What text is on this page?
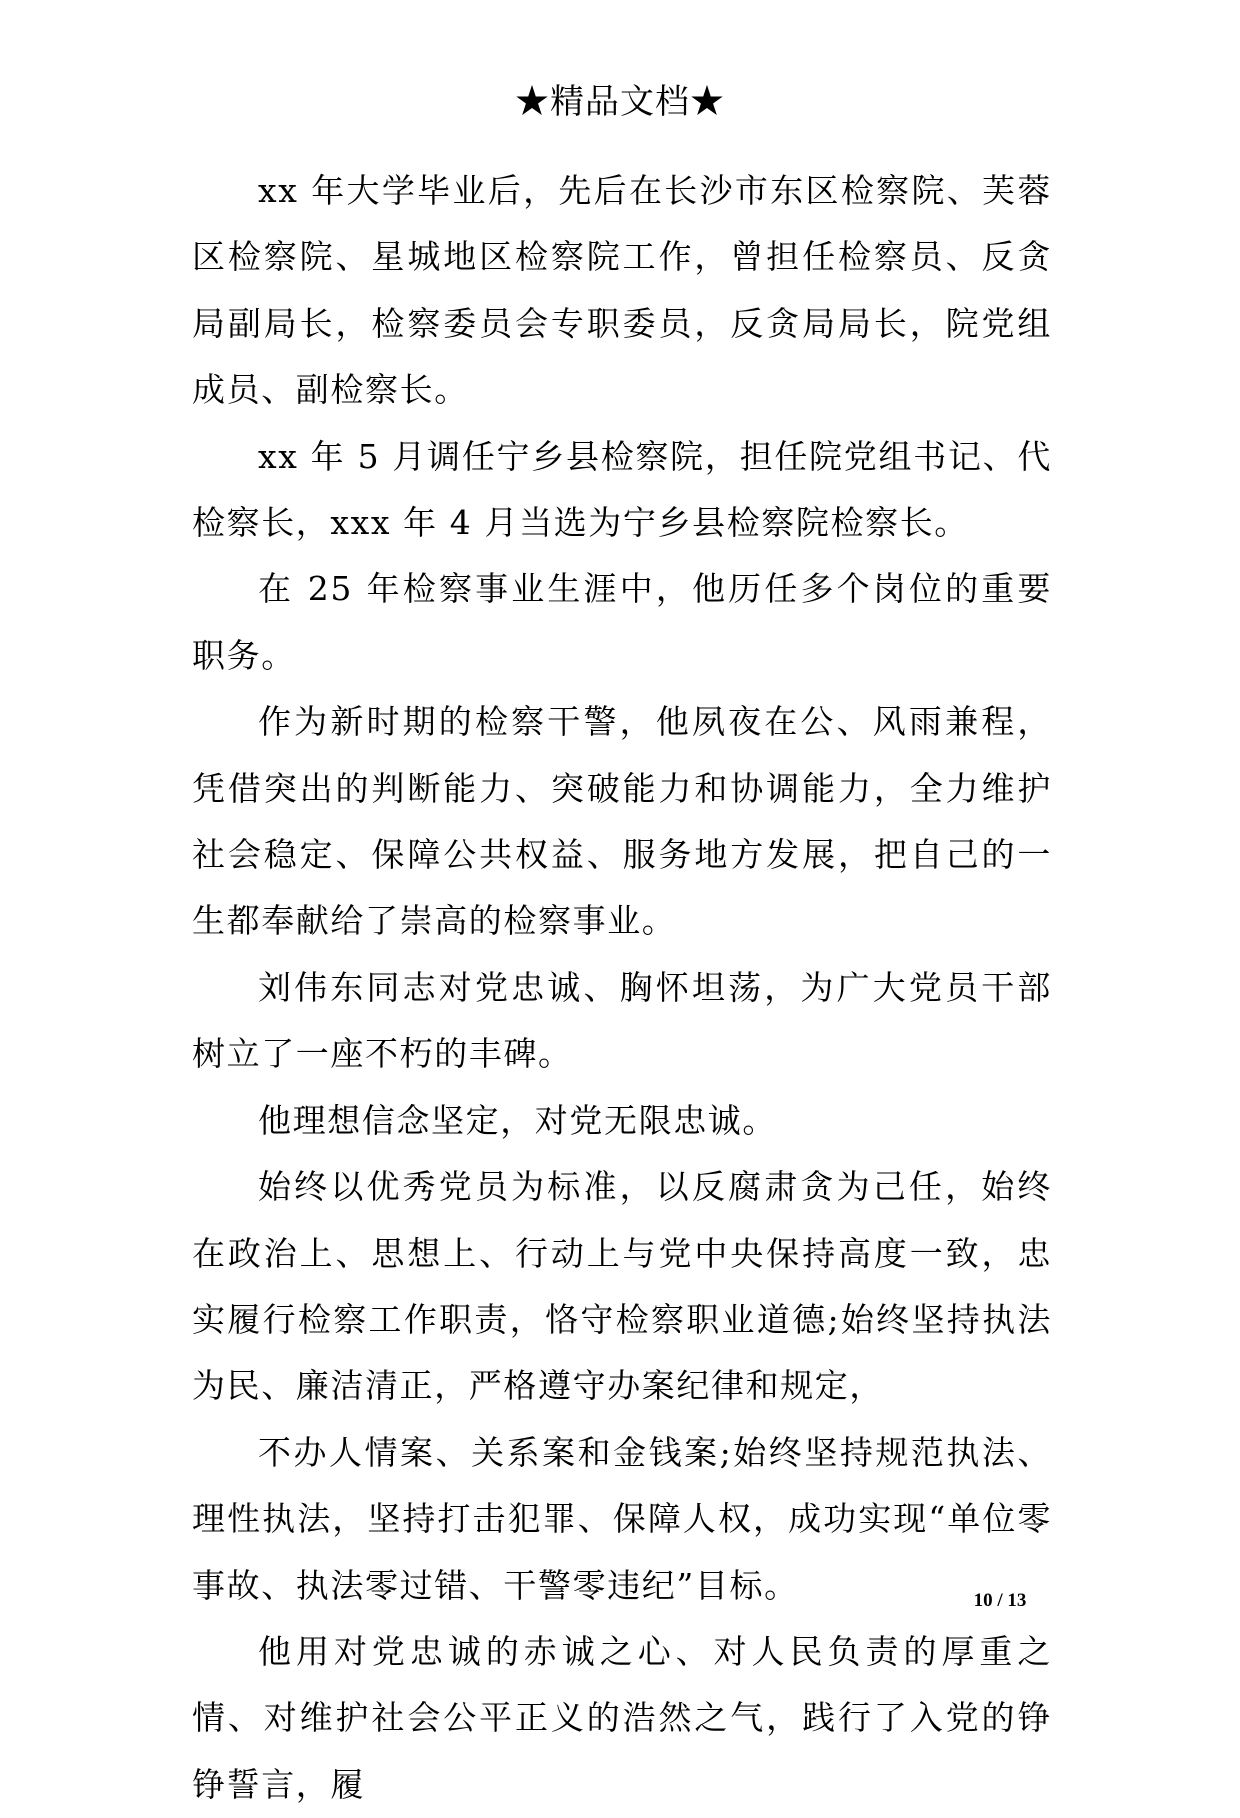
★精品文档★

xx 年大学毕业后，先后在长沙市东区检察院、芙蓉区检察院、星城地区检察院工作，曾担任检察员、反贪局副局长，检察委员会专职委员，反贪局局长，院党组成员、副检察长。

xx 年 5 月调任宁乡县检察院，担任院党组书记、代检察长，xxx 年 4 月当选为宁乡县检察院检察长。

在 25 年检察事业生涯中，他历任多个岗位的重要职务。

作为新时期的检察干警，他夙夜在公、风雨兼程，凭借突出的判断能力、突破能力和协调能力，全力维护社会稳定、保障公共权益、服务地方发展，把自己的一生都奉献给了崇高的检察事业。

刘伟东同志对党忠诚、胸怀坦荡，为广大党员干部树立了一座不朽的丰碑。

他理想信念坚定，对党无限忠诚。

始终以优秀党员为标准，以反腐肃贪为己任，始终在政治上、思想上、行动上与党中央保持高度一致，忠实履行检察工作职责，恪守检察职业道德;始终坚持执法为民、廉洁清正，严格遵守办案纪律和规定，

不办人情案、关系案和金钱案;始终坚持规范执法、理性执法，坚持打击犯罪、保障人权，成功实现“单位零事故、执法零过错、干警零违纪”目标。

他用对党忠诚的赤诚之心、对人民负责的厚重之情、对维护社会公平正义的浩然之气，践行了入党的铮铮誓言，履

10 / 13
